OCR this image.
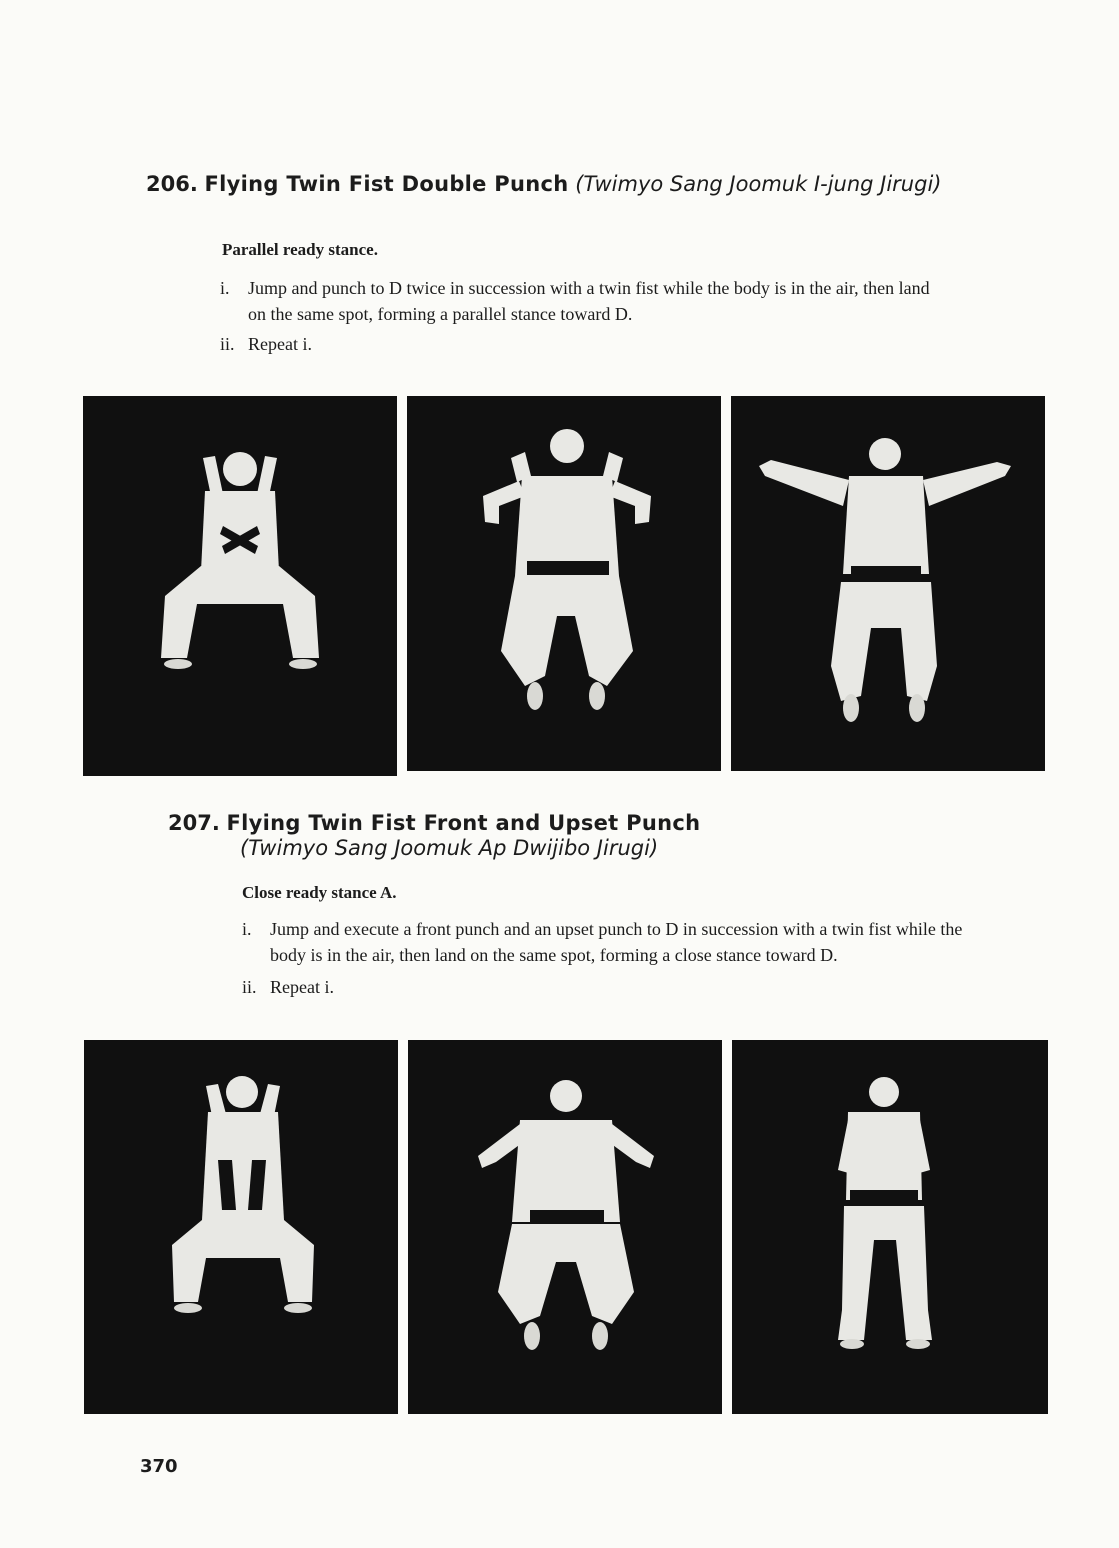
206. Flying Twin Fist Double Punch (Twimyo Sang Joomuk I-jung Jirugi)

Parallel ready stance.

i. Jump and punch to D twice in succession with a twin fist while the body is in the air, then land on the same spot, forming a parallel stance toward D.

ii. Repeat i.

207. Flying Twin Fist Front and Upset Punch
(Twimyo Sang Joomuk Ap Dwijibo Jirugi)

Close ready stance A.

i. Jump and execute a front punch and an upset punch to D in succession with a twin fist while the body is in the air, then land on the same spot, forming a close stance toward D.

ii. Repeat i.

370
